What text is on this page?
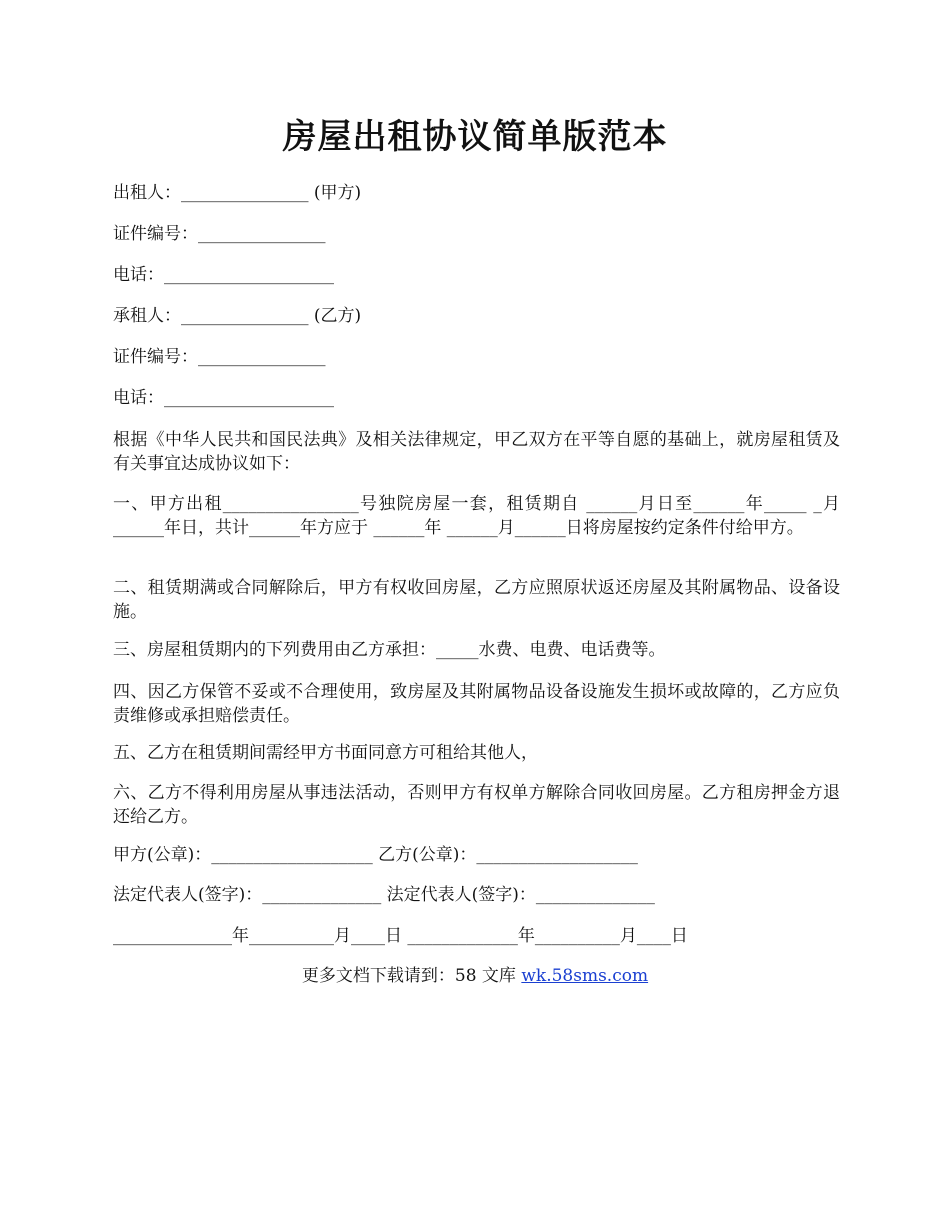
房屋出租协议简单版范本
出租人：_______________ (甲方)
证件编号：_______________
电话：____________________
承租人：_______________ (乙方)
证件编号：_______________
电话：____________________
根据《中华人民共和国民法典》及相关法律规定，甲乙双方在平等自愿的基础上，就房屋租赁及有关事宜达成协议如下：
一、甲方出租________________号独院房屋一套，租赁期自 ______月日至______年_____ _月 ______年日，共计______年方应于 ______年 ______月______日将房屋按约定条件付给甲方。
二、租赁期满或合同解除后，甲方有权收回房屋，乙方应照原状返还房屋及其附属物品、设备设施。
三、房屋租赁期内的下列费用由乙方承担：_____水费、电费、电话费等。
四、因乙方保管不妥或不合理使用，致房屋及其附属物品设备设施发生损坏或故障的，乙方应负责维修或承担赔偿责任。
五、乙方在租赁期间需经甲方书面同意方可租给其他人，
六、乙方不得利用房屋从事违法活动，否则甲方有权单方解除合同收回房屋。乙方租房押金方退还给乙方。
甲方(公章)：___________________ 乙方(公章)：___________________
法定代表人(签字)：______________ 法定代表人(签字)：______________
______________年__________月____日 _____________年__________月____日
更多文档下载请到：58 文库 wk.58sms.com
